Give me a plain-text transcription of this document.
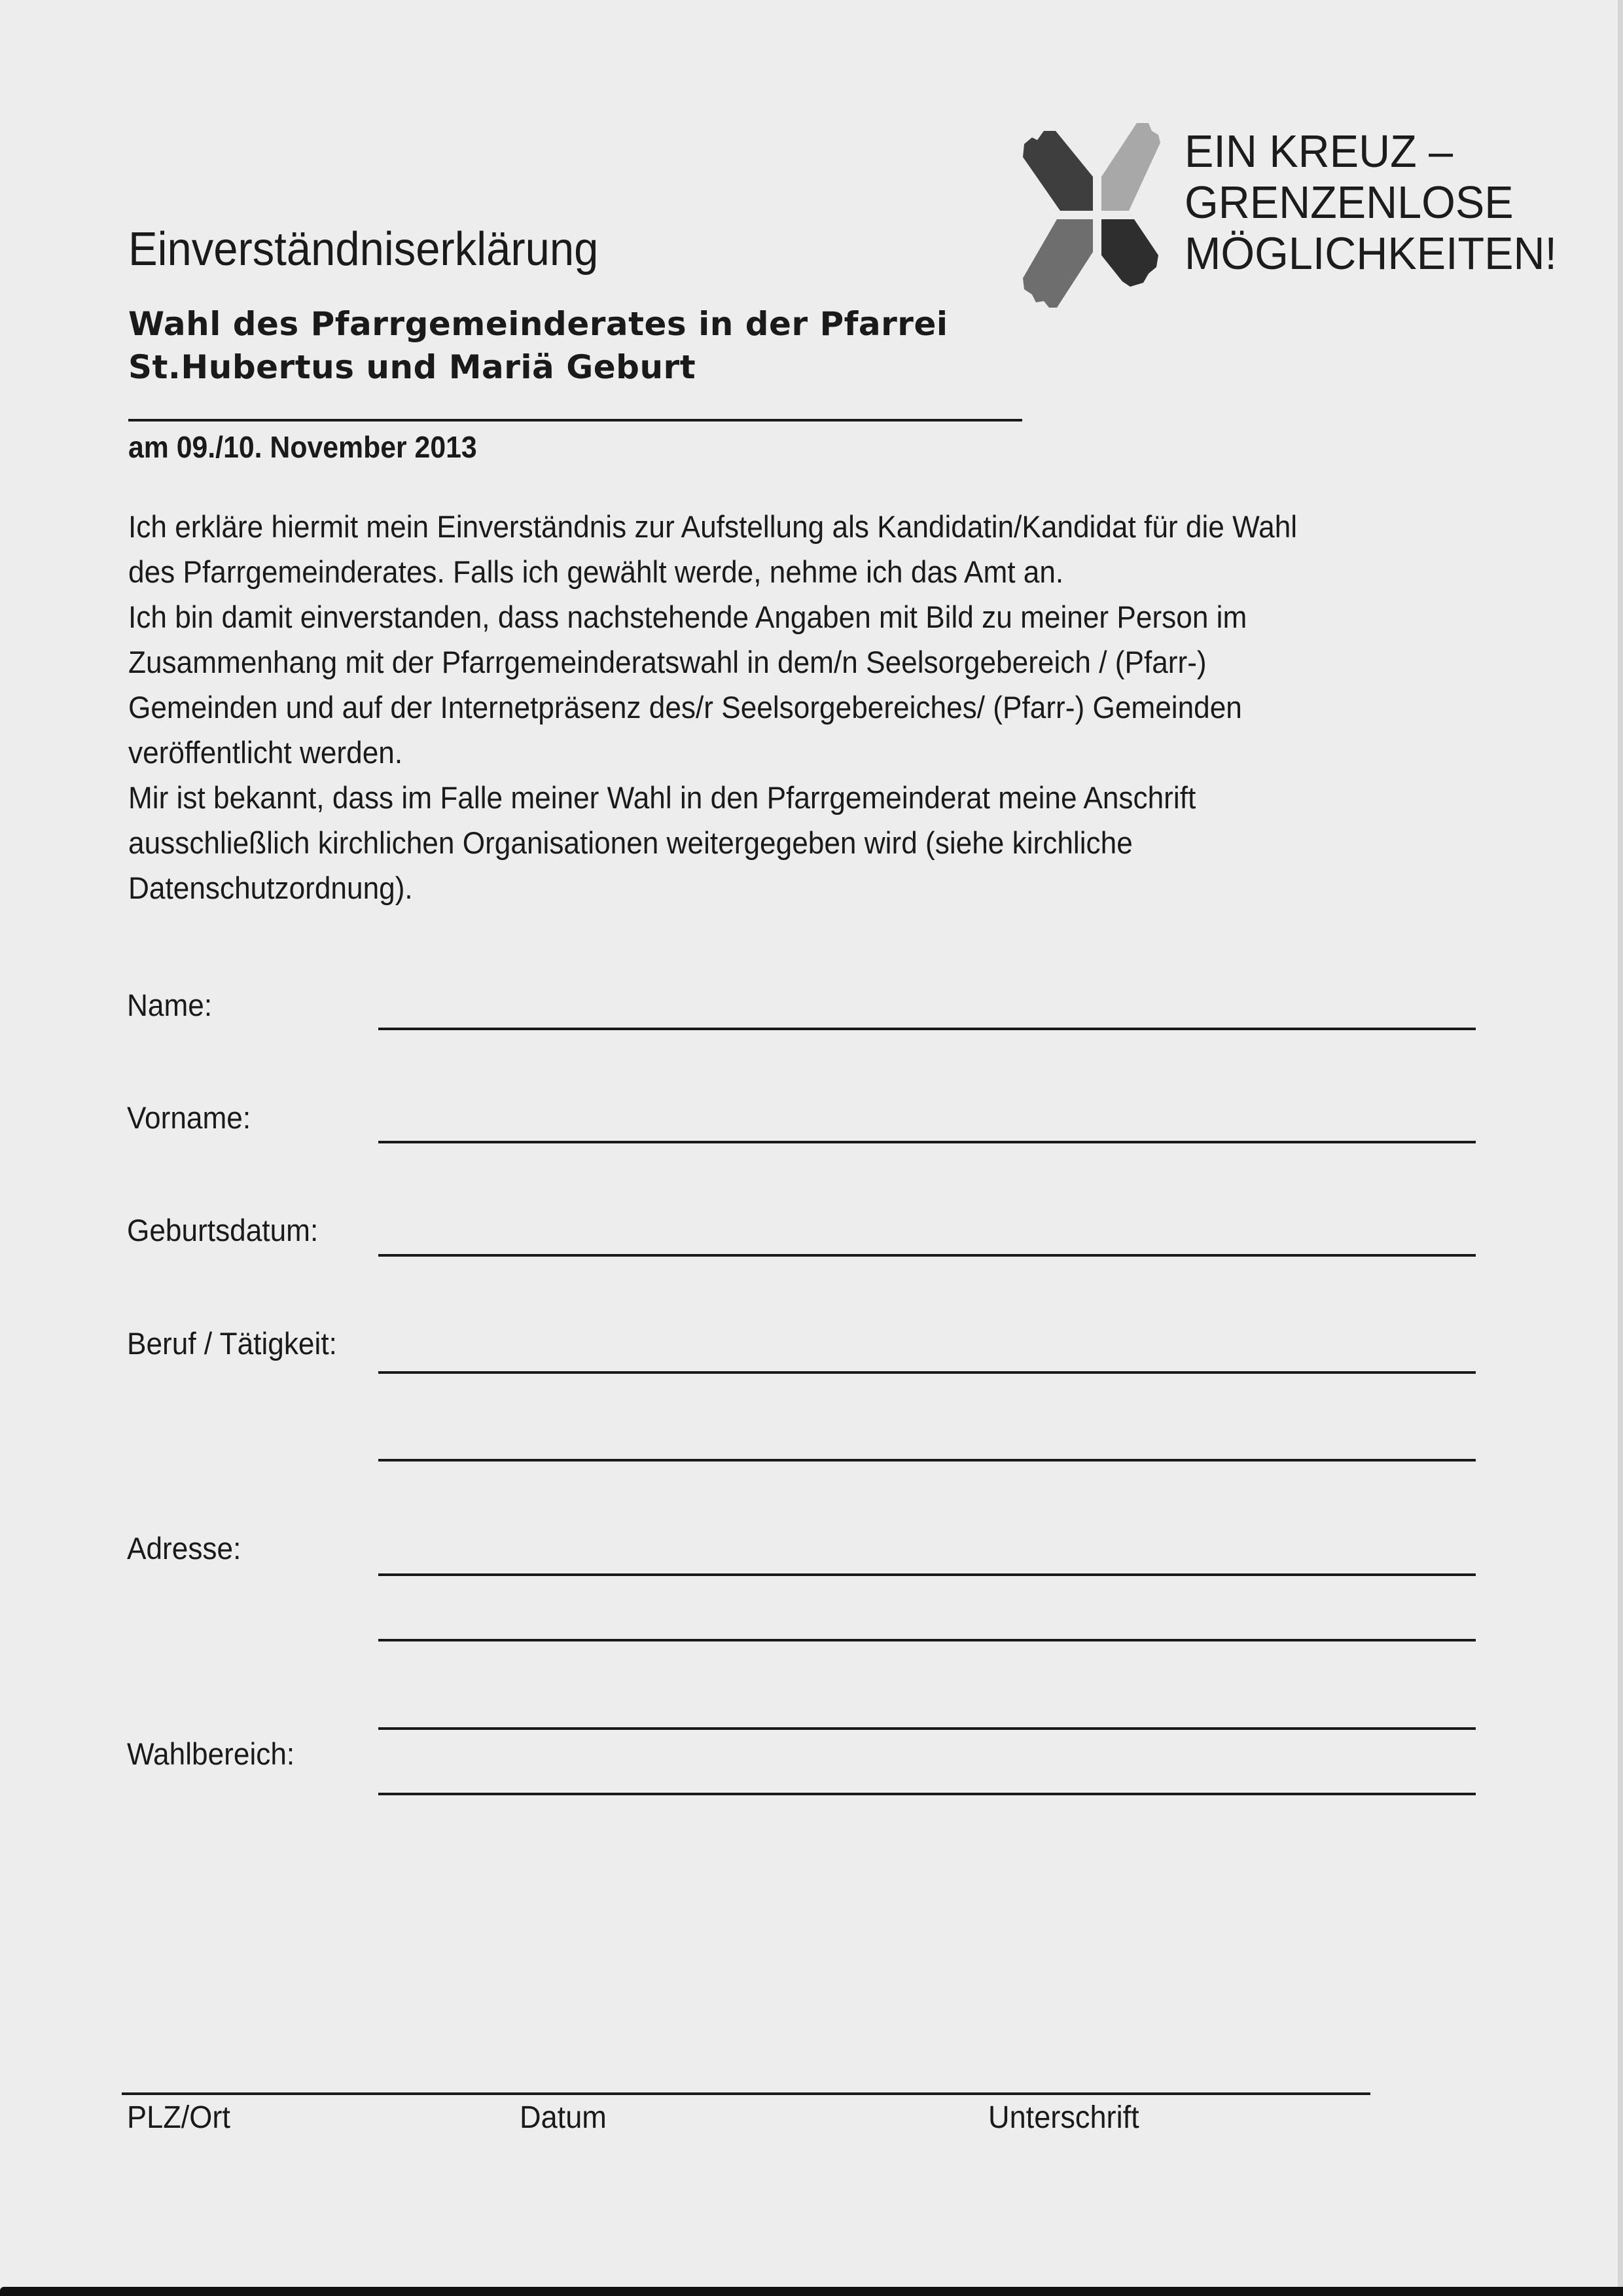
Einverständniserklärung
Wahl des Pfarrgemeinderates in der Pfarrei
St.Hubertus und Mariä Geburt
am 09./10. November 2013
EIN KREUZ –
GRENZENLOSE
MÖGLICHKEITEN!

Ich erkläre hiermit mein Einverständnis zur Aufstellung als Kandidatin/Kandidat für die Wahl

des Pfarrgemeinderates. Falls ich gewählt werde, nehme ich das Amt an.

Ich bin damit einverstanden, dass nachstehende Angaben mit Bild zu meiner Person im

Zusammenhang mit der Pfarrgemeinderatswahl in dem/n Seelsorgebereich / (Pfarr-)

Gemeinden und auf der Internetpräsenz des/r Seelsorgebereiches/ (Pfarr-) Gemeinden

veröffentlicht werden.

Mir ist bekannt, dass im Falle meiner Wahl in den Pfarrgemeinderat meine Anschrift

ausschließlich kirchlichen Organisationen weitergegeben wird (siehe kirchliche

Datenschutzordnung).

Name:
Vorname:
Geburtsdatum:
Beruf / Tätigkeit:
Adresse:
Wahlbereich:
PLZ/Ort	Datum	Unterschrift
